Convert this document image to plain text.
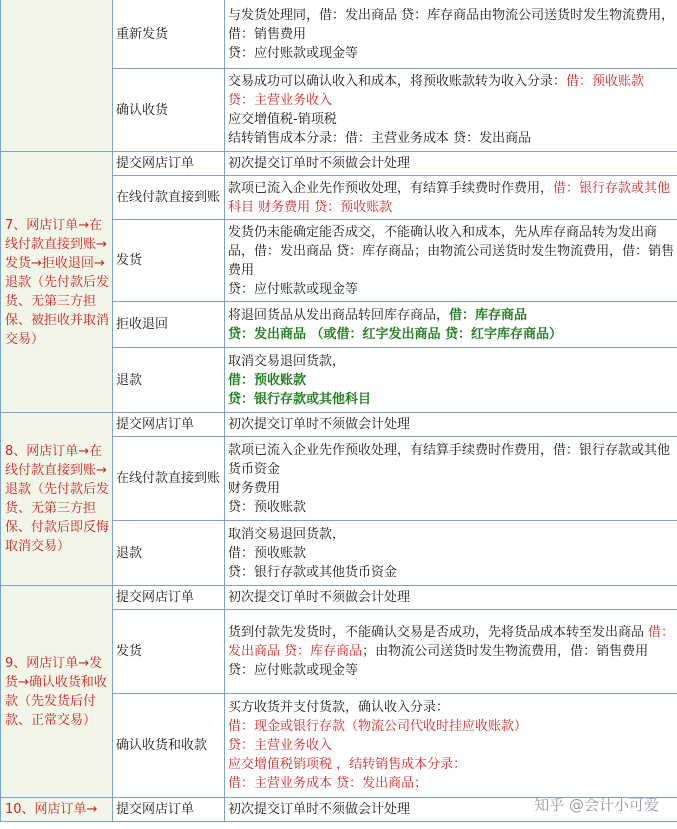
	重新发货	与发货处理同，借：发出商品 贷：库存商品由物流公司送货时发生物流费用，借：销售费用
贷：应付账款或现金等

	确认收货	交易成功可以确认收入和成本，将预收账款转为收入分录：借：预收账款
贷：主营业务收入
应交增值税-销项税
结转销售成本分录：借：主营业务成本 贷：发出商品

7、网店订单→在线付款直接到账→发货→拒收退回→退款（先付款后发货、无第三方担保、被拒收并取消交易）	提交网店订单	初次提交订单时不须做会计处理
	在线付款直接到账	款项已流入企业先作预收处理，有结算手续费时作费用，借：银行存款或其他科目 财务费用 贷：预收账款
	发货	发货仍未能确定能否成交，不能确认收入和成本，先从库存商品转为发出商品，借：发出商品 贷：库存商品；由物流公司送货时发生物流费用，借：销售费用
贷：应付账款或现金等

	拒收退回	将退回货品从发出商品转回库存商品，借：库存商品
贷：发出商品 （或借：红字发出商品 贷：红字库存商品）

	退款	取消交易退回货款，
借：预收账款
贷：银行存款或其他科目

8、网店订单→在线付款直接到账→退款（先付款后发货、无第三方担保、付款后即反悔取消交易）	提交网店订单	初次提交订单时不须做会计处理
	在线付款直接到账	款项已流入企业先作预收处理，有结算手续费时作费用，借：银行存款或其他货币资金
财务费用
贷：预收账款

	退款	取消交易退回货款，
借：预收账款
贷：银行存款或其他货币资金

9、网店订单→发货→确认收货和收款（先发货后付款、正常交易）	提交网店订单	初次提交订单时不须做会计处理
	发货	货到付款先发货时，不能确认交易是否成功，先将货品成本转至发出商品 借：发出商品 贷：库存商品；由物流公司送货时发生物流费用，借：销售费用
贷：应付账款或现金等

	确认收货和收款	买方收货并支付货款，确认收入分录：
借：现金或银行存款（物流公司代收时挂应收账款）
贷：主营业务收入
应交增值税销项税 ，结转销售成本分录：
借：主营业务成本 贷：发出商品；

10、网店订单→	提交网店订单	初次提交订单时不须做会计处理	知乎 @会计小可爱
